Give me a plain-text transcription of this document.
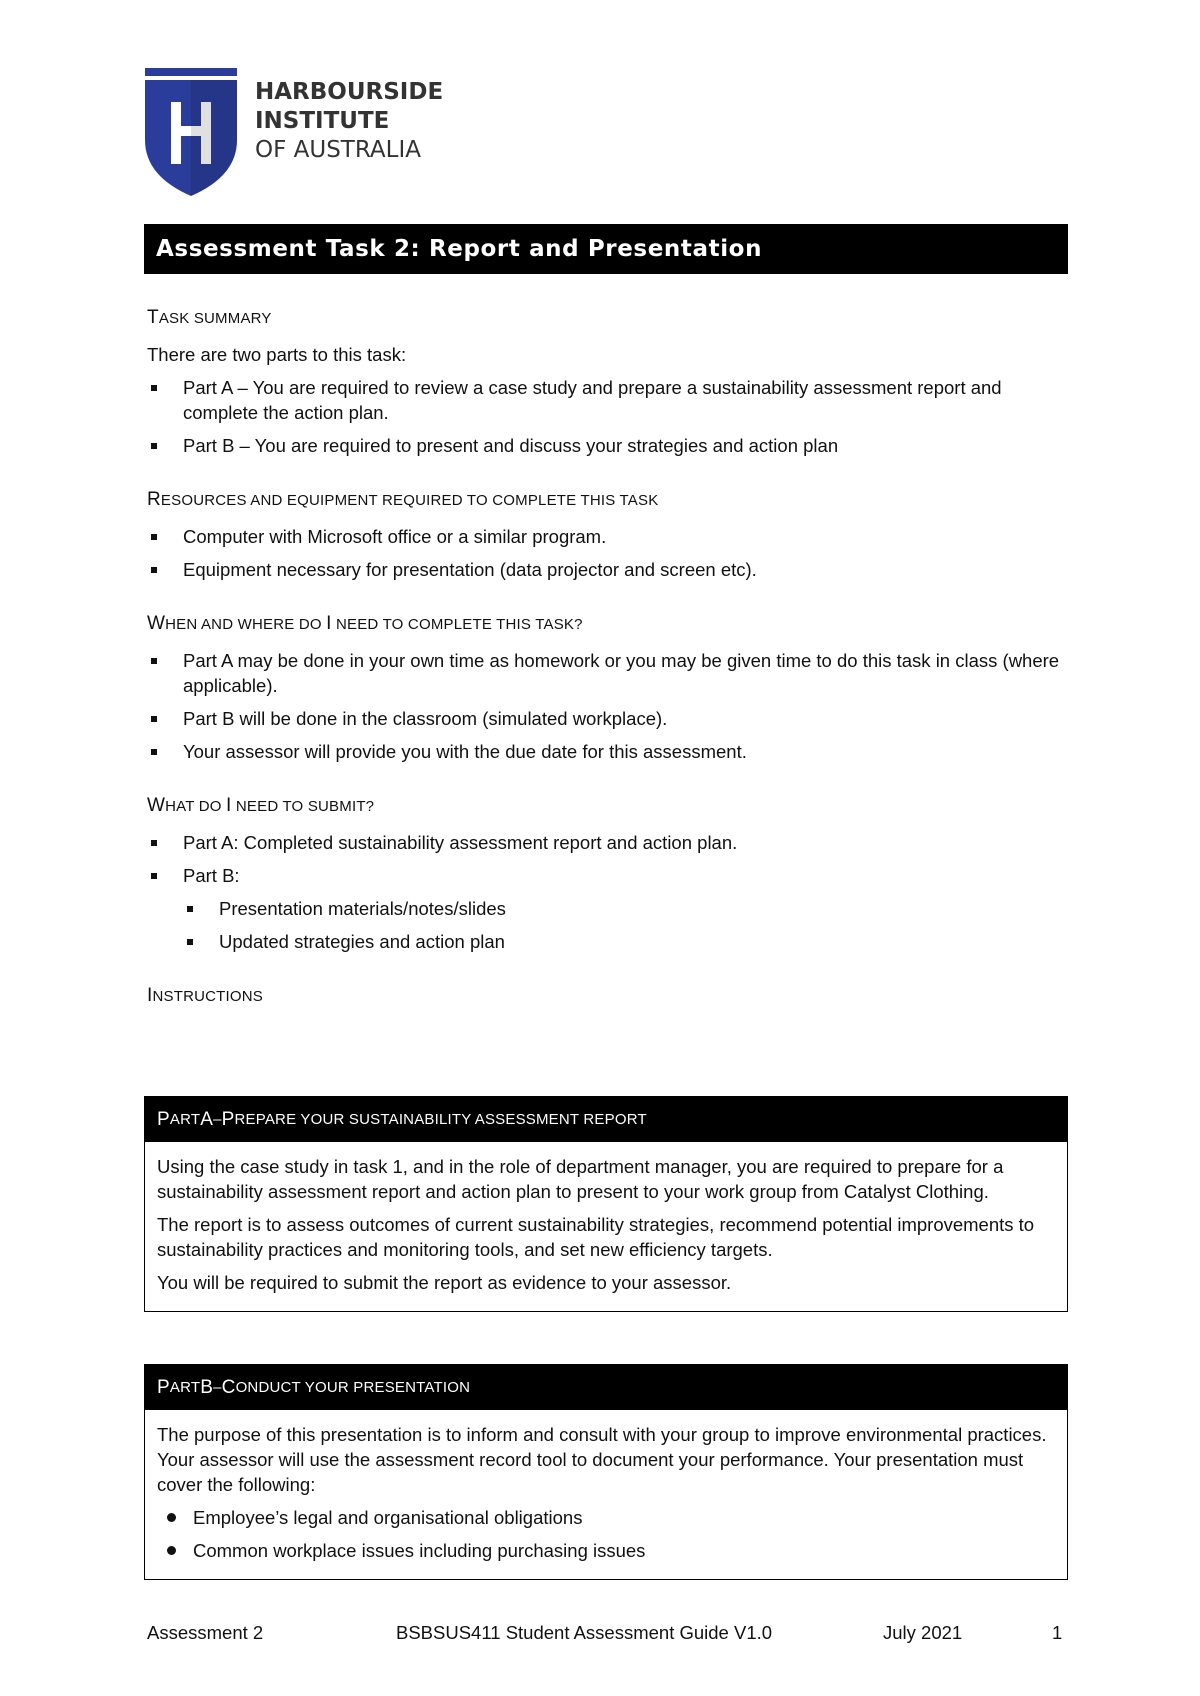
HARBOURSIDE
INSTITUTE
OF AUSTRALIA
Assessment Task 2: Report and Presentation
TASK SUMMARY
There are two parts to this task:
Part A – You are required to review a case study and prepare a sustainability assessment report and complete the action plan.
Part B – You are required to present and discuss your strategies and action plan
RESOURCES AND EQUIPMENT REQUIRED TO COMPLETE THIS TASK
Computer with Microsoft office or a similar program.
Equipment necessary for presentation (data projector and screen etc).
WHEN AND WHERE DO I NEED TO COMPLETE THIS TASK?
Part A may be done in your own time as homework or you may be given time to do this task in class (where applicable).
Part B will be done in the classroom (simulated workplace).
Your assessor will provide you with the due date for this assessment.
WHAT DO I NEED TO SUBMIT?
Part A: Completed sustainability assessment report and action plan.
Part B:
Presentation materials/notes/slides
Updated strategies and action plan
INSTRUCTIONS
P ART A – P REPARE YOUR SUSTAINABILITY ASSESSMENT REPORT

Using the case study in task 1, and in the role of department manager, you are required to prepare for a sustainability assessment report and action plan to present to your work group from Catalyst Clothing.

The report is to assess outcomes of current sustainability strategies, recommend potential improvements to sustainability practices and monitoring tools, and set new efficiency targets.

You will be required to submit the report as evidence to your assessor.

P ART B – C ONDUCT YOUR PRESENTATION

The purpose of this presentation is to inform and consult with your group to improve environmental practices. Your assessor will use the assessment record tool to document your performance. Your presentation must cover the following:

Employee’s legal and organisational obligations
Common workplace issues including purchasing issues
Assessment 2	BSBSUS411 Student Assessment Guide V1.0	July 2021	1
